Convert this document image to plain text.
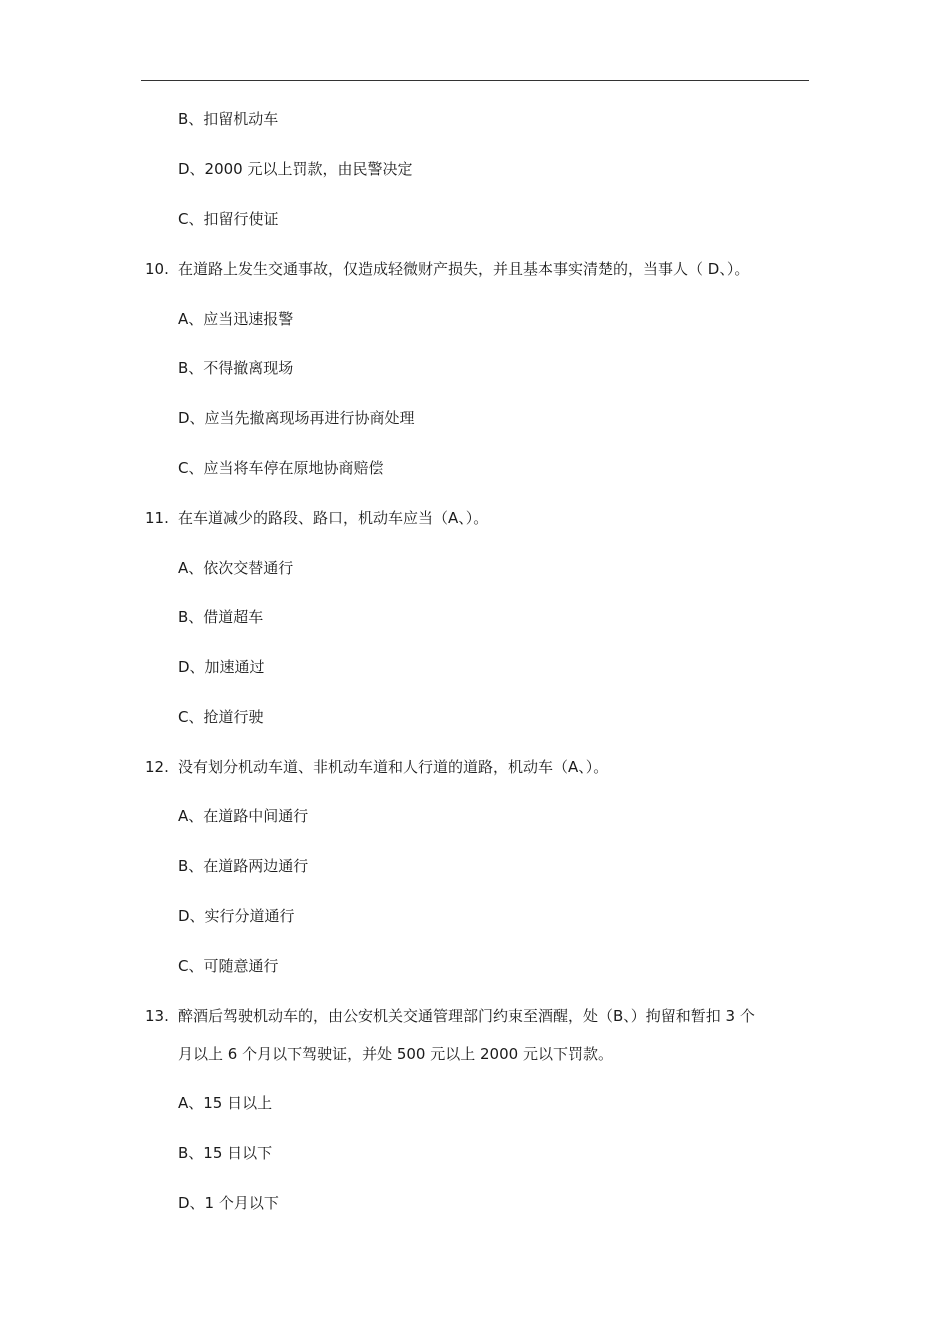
B、扣留机动车
D、2000 元以上罚款，由民警决定
C、扣留行使证
10. 在道路上发生交通事故，仅造成轻微财产损失，并且基本事实清楚的，当事人（ D、）。
A、应当迅速报警
B、不得撤离现场
D、应当先撤离现场再进行协商处理
C、应当将车停在原地协商赔偿
11. 在车道减少的路段、路口，机动车应当（A、）。
A、依次交替通行
B、借道超车
D、加速通过
C、抢道行驶
12. 没有划分机动车道、非机动车道和人行道的道路，机动车（A、）。
A、在道路中间通行
B、在道路两边通行
D、实行分道通行
C、可随意通行
13. 醉酒后驾驶机动车的，由公安机关交通管理部门约束至酒醒，处（B、）拘留和暂扣 3 个
月以上 6 个月以下驾驶证，并处 500 元以上 2000 元以下罚款。
A、15 日以上
B、15 日以下
D、1 个月以下
